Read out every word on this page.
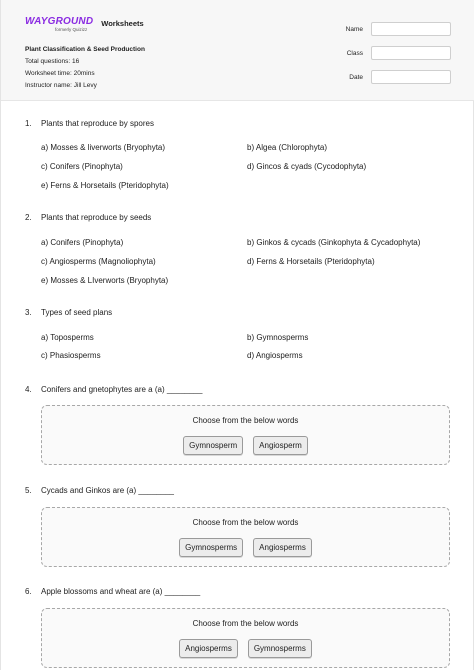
WAYGROUND
formerly Quizizz
Worksheets
Plant Classification & Seed Production
Total questions: 16
Worksheet time: 20mins
Instructor name: Jill Levy
Name
Class
Date
1.	Plants that reproduce by spores
a) Mosses & liverworts (Bryophyta)	b) Algea (Chlorophyta)
c) Conifers (Pinophyta)	d) Gincos & cyads (Cycodophyta)
e) Ferns & Horsetails (Pteridophyta)
2.	Plants that reproduce by seeds
a) Conifers (Pinophyta)	b) Ginkos & cycads (Ginkophyta & Cycadophyta)
c) Angiosperms (Magnoliophyta)	d) Ferns & Horsetails (Pteridophyta)
e) Mosses & LIverworts (Bryophyta)
3.	Types of seed plans
a) Toposperms	b) Gymnosperms
c) Phasiosperms	d) Angiosperms
4.	Conifers and gnetophytes are a (a) ________
Choose from the below words
Gymnosperm	Angiosperm
5.	Cycads and Ginkos are (a) ________
Choose from the below words
Gymnosperms	Angiosperms
6.	Apple blossoms and wheat are (a) ________
Choose from the below words
Angiosperms	Gymnosperms
